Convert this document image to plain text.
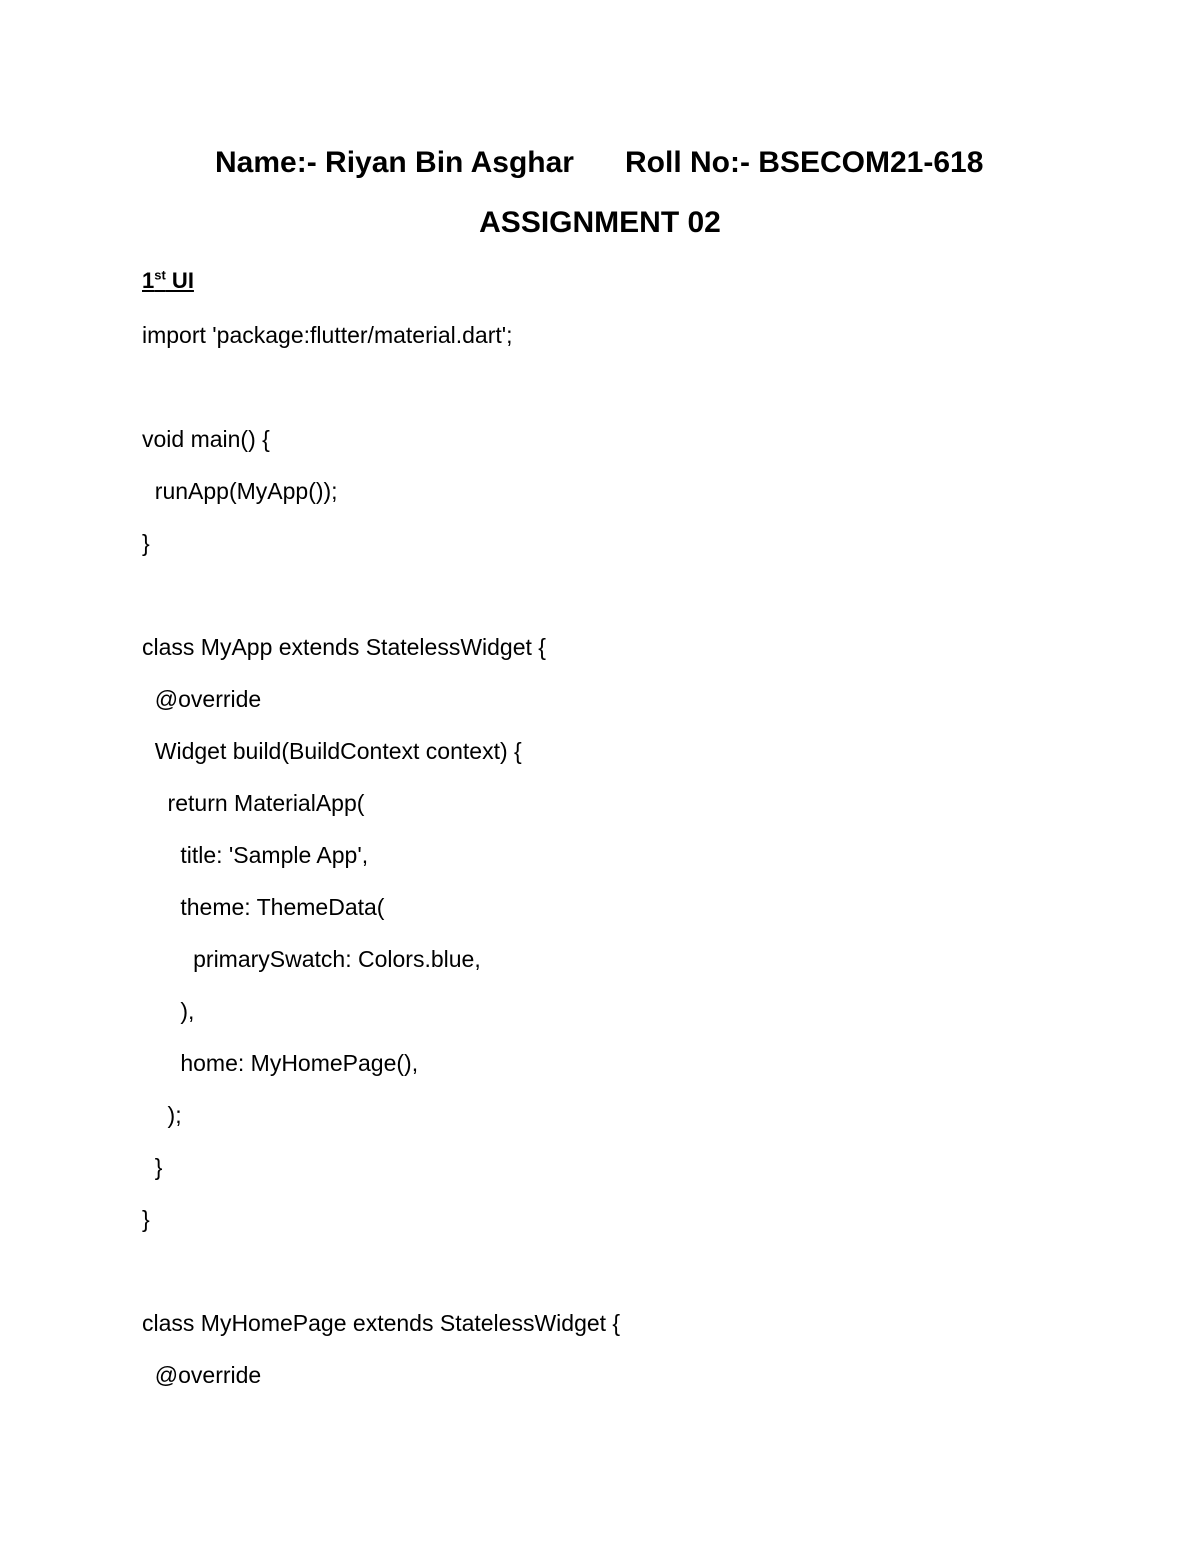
Name:- Riyan Bin Asghar Roll No:- BSECOM21-618
ASSIGNMENT 02
1st UI
import 'package:flutter/material.dart';
void main() {
runApp(MyApp());
}
class MyApp extends StatelessWidget {
@override
Widget build(BuildContext context) {
return MaterialApp(
title: 'Sample App',
theme: ThemeData(
primarySwatch: Colors.blue,
),
home: MyHomePage(),
);
}
}
class MyHomePage extends StatelessWidget {
@override
